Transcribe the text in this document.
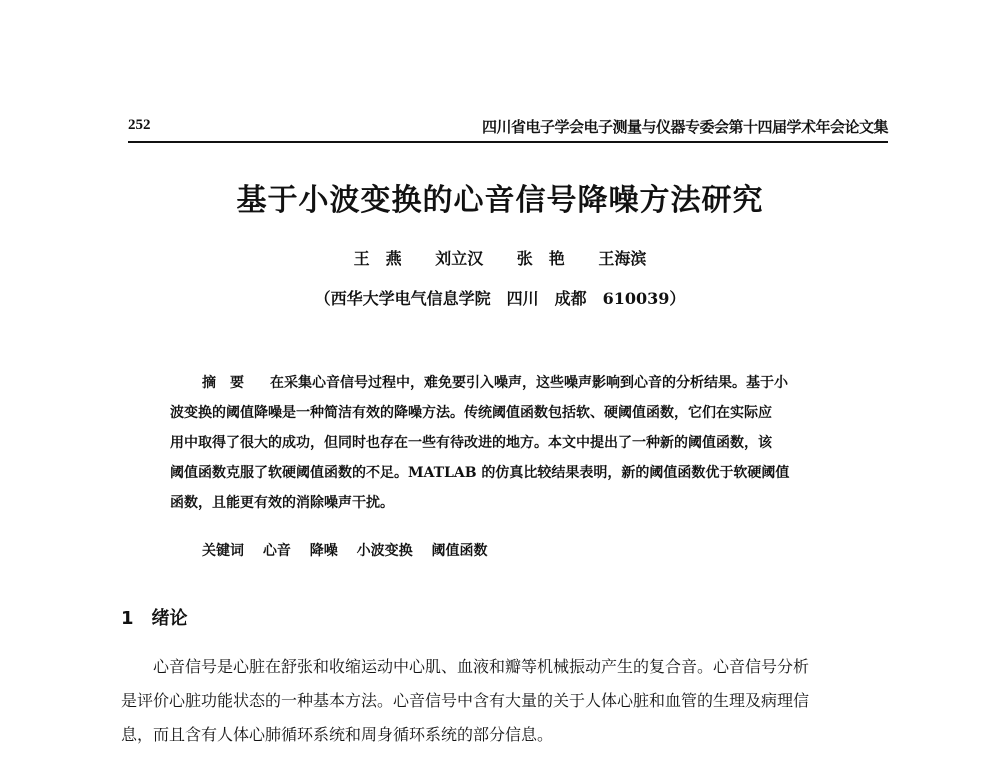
252	四川省电子学会电子测量与仪器专委会第十四届学术年会论文集
基于小波变换的心音信号降噪方法研究
王　燕 刘立汉 张　艳 王海滨
（西华大学电气信息学院　四川　成都　610039）
摘要 在采集心音信号过程中，难免要引入噪声，这些噪声影响到心音的分析结果。基于小
波变换的阈值降噪是一种简洁有效的降噪方法。传统阈值函数包括软、硬阈值函数，它们在实际应
用中取得了很大的成功，但同时也存在一些有待改进的地方。本文中提出了一种新的阈值函数，该
阈值函数克服了软硬阈值函数的不足。MATLAB 的仿真比较结果表明，新的阈值函数优于软硬阈值
函数，且能更有效的消除噪声干扰。
关键词 心音 降噪 小波变换 阈值函数
1 绪论
心音信号是心脏在舒张和收缩运动中心肌、血液和瓣等机械振动产生的复合音。心音信号分析
是评价心脏功能状态的一种基本方法。心音信号中含有大量的关于人体心脏和血管的生理及病理信
息，而且含有人体心肺循环系统和周身循环系统的部分信息。
